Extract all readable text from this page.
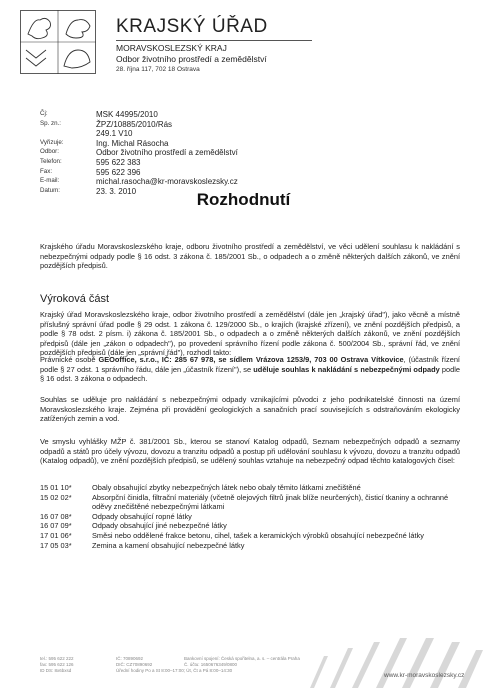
KRAJSKÝ ÚŘAD
MORAVSKOSLEZSKÝ KRAJ
Odbor životního prostředí a zemědělství
28. října 117, 702 18 Ostrava
Čj:	MSK 44995/2010
Sp. zn.:	ŽPZ/10885/2010/Rás
249.1 V10
Vyřizuje:	Ing. Michal Rásocha
Odbor:	Odbor životního prostředí a zemědělství
Telefon:	595 622 383
Fax:	595 622 396
E-mail:	michal.rasocha@kr-moravskoslezsky.cz
Datum:	23. 3. 2010	Rozhodnutí
Krajského úřadu Moravskoslezského kraje, odboru životního prostředí a zemědělství, ve věci udělení souhlasu k nakládání s nebezpečnými odpady podle § 16 odst. 3 zákona č. 185/2001 Sb., o odpadech a o změně některých dalších zákonů, ve znění pozdějších předpisů.
Výroková část
Krajský úřad Moravskoslezského kraje, odbor životního prostředí a zemědělství (dále jen „krajský úřad"), jako věcně a místně příslušný správní úřad podle § 29 odst. 1 zákona č. 129/2000 Sb., o krajích (krajské zřízení), ve znění pozdějších předpisů, a podle § 78 odst. 2 písm. i) zákona č. 185/2001 Sb., o odpadech a o změně některých dalších zákonů, ve znění pozdějších předpisů (dále jen „zákon o odpadech"), po provedení správního řízení podle zákona č. 500/2004 Sb., správní řád, ve znění pozdějších předpisů (dále jen „správní řád"), rozhodl takto:
Právnické osobě GEOoffice, s.r.o., IČ: 285 67 978, se sídlem Vrázova 1253/9, 703 00 Ostrava Vítkovice, (účastník řízení podle § 27 odst. 1 správního řádu, dále jen „účastník řízení"), se uděluje souhlas k nakládání s nebezpečnými odpady podle § 16 odst. 3 zákona o odpadech.
Souhlas se uděluje pro nakládání s nebezpečnými odpady vznikajícími původci z jeho podnikatelské činnosti na území Moravskoslezského kraje. Zejména při provádění geologických a sanačních prací souvisejících s odstraňováním ekologicky zatížených zemin a vod.
Ve smyslu vyhlášky MŽP č. 381/2001 Sb., kterou se stanoví Katalog odpadů, Seznam nebezpečných odpadů a seznamy odpadů a států pro účely vývozu, dovozu a tranzitu odpadů a postup při udělování souhlasu k vývozu, dovozu a tranzitu odpadů (Katalog odpadů), ve znění pozdějších předpisů, se udělený souhlas vztahuje na nebezpečný odpad těchto katalogových čísel:
15 01 10*	Obaly obsahující zbytky nebezpečných látek nebo obaly těmito látkami znečištěné
15 02 02*	Absorpční činidla, filtrační materiály (včetně olejových filtrů jinak blíže neurčených), čisticí tkaniny a ochranné oděvy znečištěné nebezpečnými látkami
16 07 08*	Odpady obsahující ropné látky
16 07 09*	Odpady obsahující jiné nebezpečné látky
17 01 06*	Směsi nebo oddělené frakce betonu, cihel, tašek a keramických výrobků obsahující nebezpečné látky
17 05 03*	Zemina a kamení obsahující nebezpečné látky
tel.: 595 622 222
fax: 595 622 126
ID DS: 8x6bxsd
IČ: 70890692
DIČ: CZ70890692
Úřední hodiny Po a St 8:00–17:00; Út, Čt a Pá 8:00–14:30
Bankovní spojení: Česká spořitelna, a. s. – centrála Praha
Č. účtu: 1650676349/0800
www.kr-moravskoslezsky.cz
